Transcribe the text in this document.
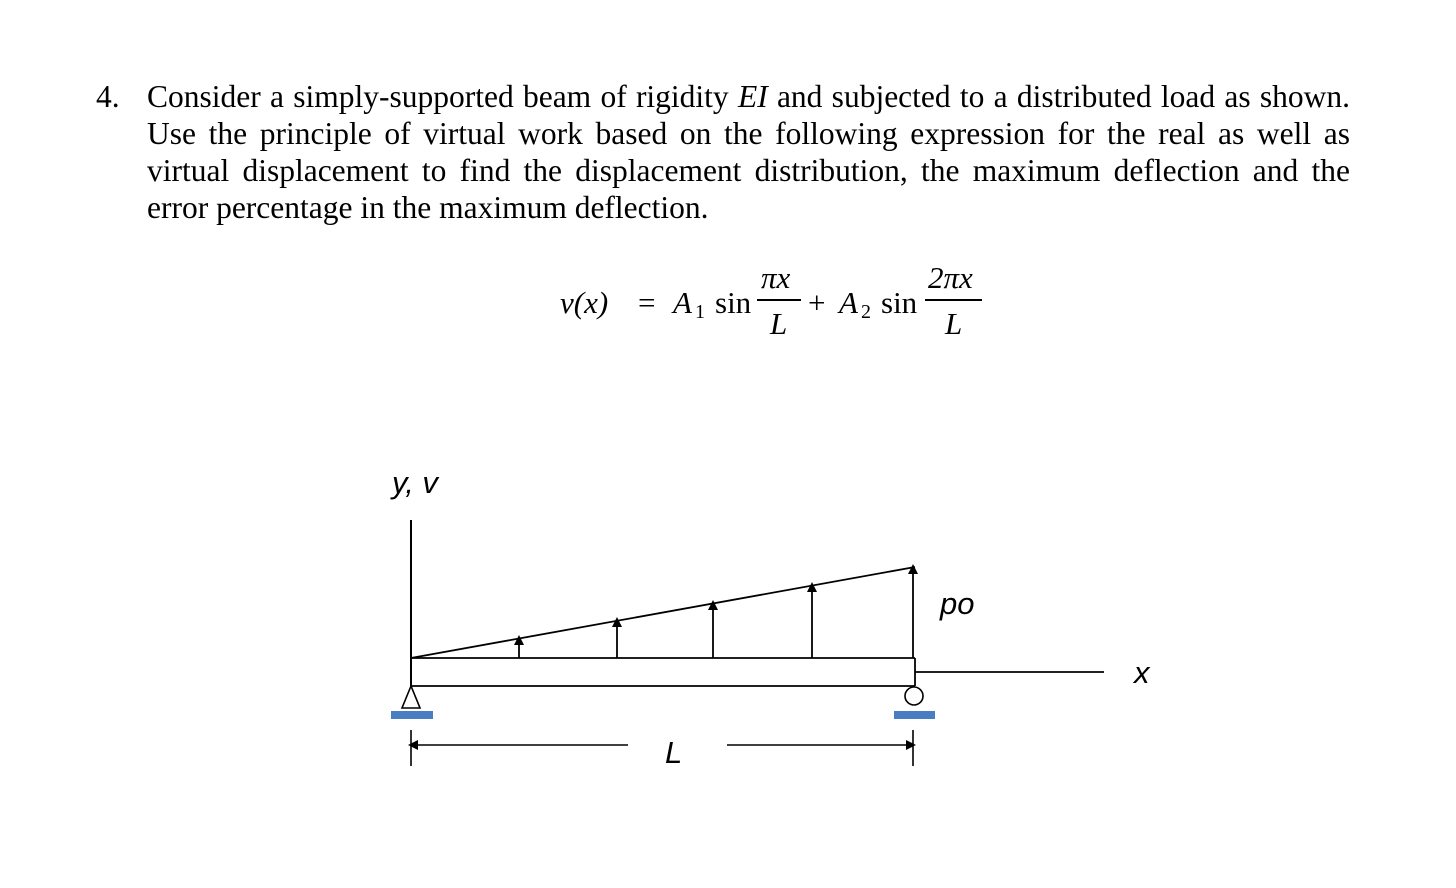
4. Consider a simply-supported beam of rigidity EI and subjected to a distributed load as shown. Use the principle of virtual work based on the following expression for the real as well as virtual displacement to find the displacement distribution, the maximum deflection and the error percentage in the maximum deflection.
v(x) = A 1 sin
πx
L
+ A 2 sin
2πx
L
y, v
po
x
L
